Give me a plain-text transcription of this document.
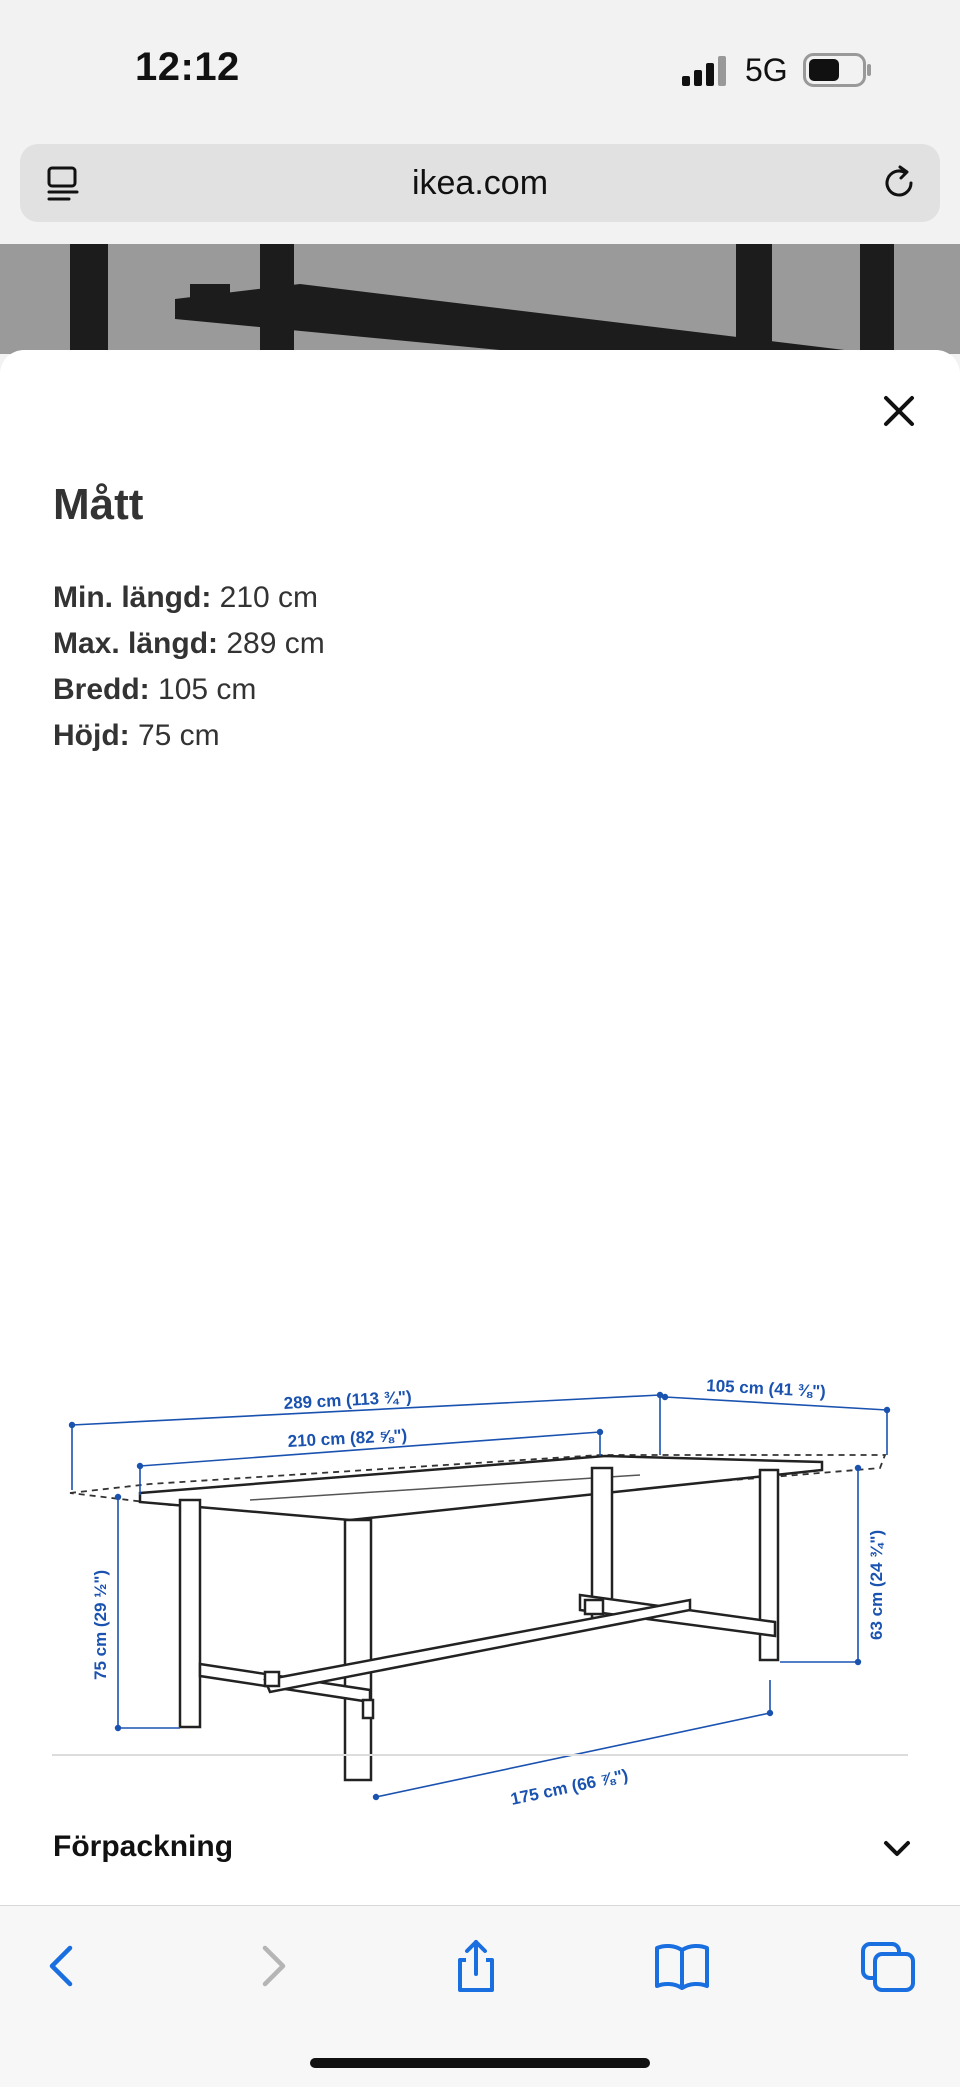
12:12	5G
ikea.com
Mått
Min. längd: 210 cm
Max. längd: 289 cm
Bredd: 105 cm
Höjd: 75 cm
289 cm (113 ¾")
210 cm (82 ⅝")
105 cm (41 ⅜")
75 cm (29 ½")	63 cm (24 ¾")
175 cm (66 ⅞")
Förpackning
